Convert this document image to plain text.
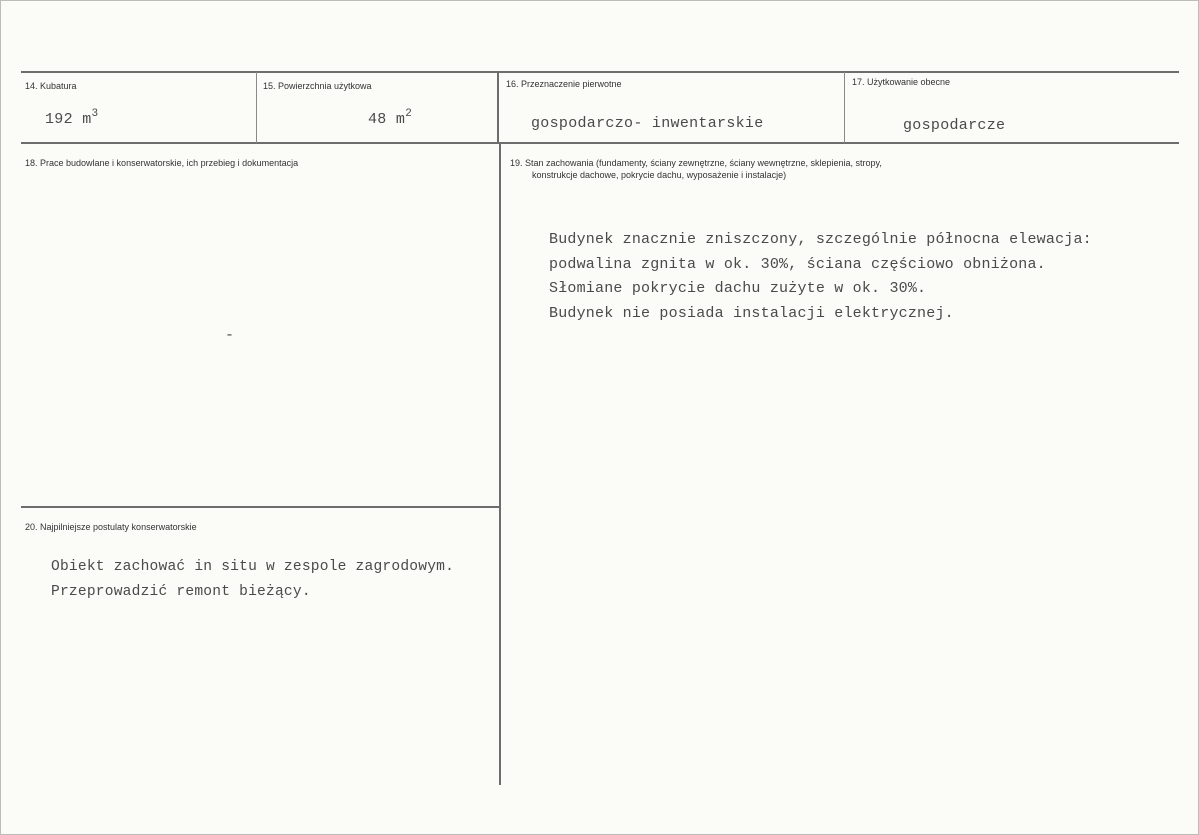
14. Kubatura
192 $m^3$
15. Powierzchnia użytkowa
48 $m^2$
16. Przeznaczenie pierwotne
gospodarczo- inwentarskie
17. Użytkowanie obecne
gospodarcze
18. Prace budowlane i konserwatorskie, ich przebieg i dokumentacja
-
19. Stan zachowania (fundamenty, ściany zewnętrzne, ściany wewnętrzne, sklepienia, stropy,
konstrukcje dachowe, pokrycie dachu, wyposażenie i instalacje)
Budynek znacznie zniszczony, szczególnie północna elewacja:
podwalina zgnita w ok. 30%, ściana częściowo obniżona.
Słomiane pokrycie dachu zużyte w ok. 30%.
Budynek nie posiada instalacji elektrycznej.
20. Najpilniejsze postulaty konserwatorskie
Obiekt zachować in situ w zespole zagrodowym.
Przeprowadzić remont bieżący.
